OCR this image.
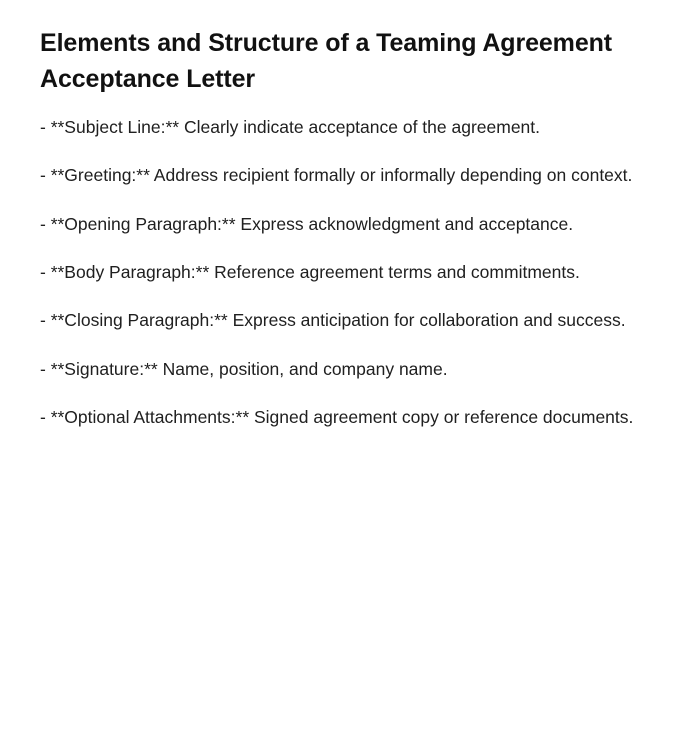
Elements and Structure of a Teaming Agreement Acceptance Letter
- **Subject Line:** Clearly indicate acceptance of the agreement.
- **Greeting:** Address recipient formally or informally depending on context.
- **Opening Paragraph:** Express acknowledgment and acceptance.
- **Body Paragraph:** Reference agreement terms and commitments.
- **Closing Paragraph:** Express anticipation for collaboration and success.
- **Signature:** Name, position, and company name.
- **Optional Attachments:** Signed agreement copy or reference documents.
